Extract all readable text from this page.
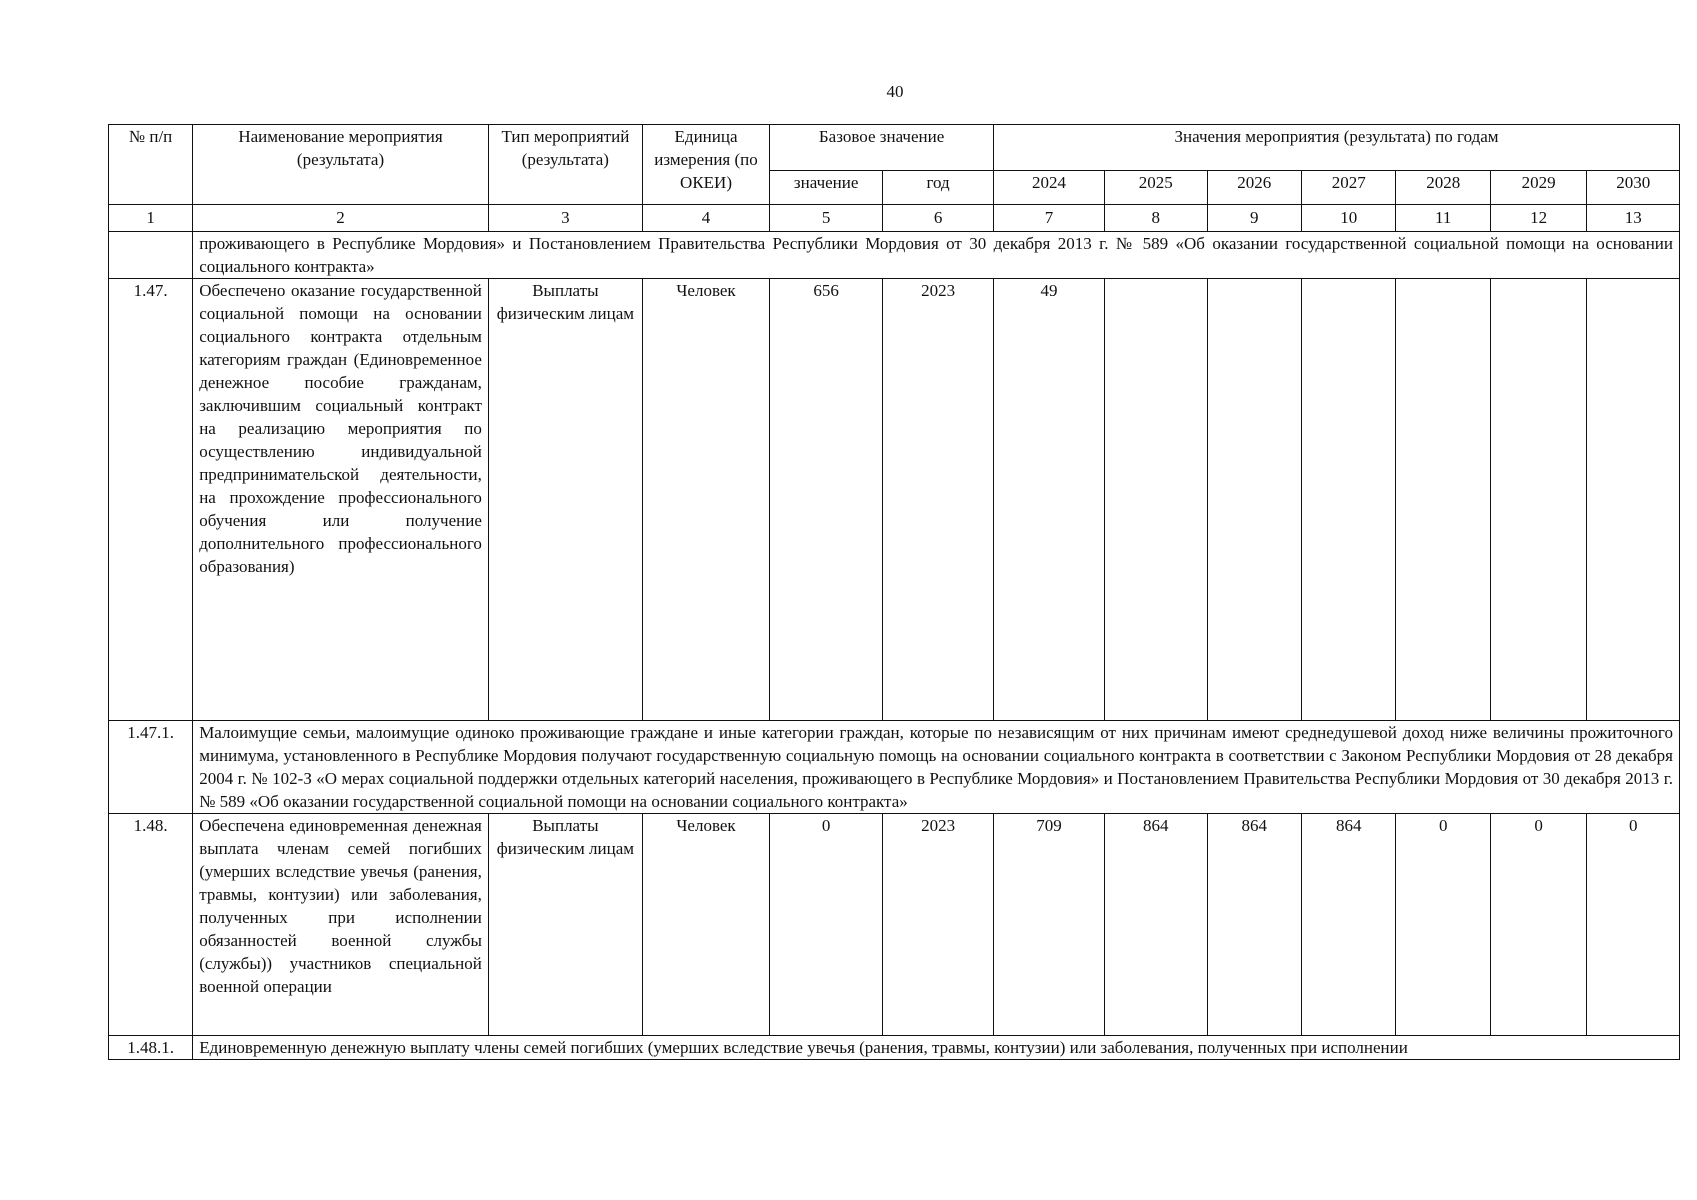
40
№ п/п	Наименование мероприятия (результата)	Тип мероприятий (результата)	Единица измерения (по ОКЕИ)	Базовое значение		Значения мероприятия (результата) по годам						
				значение	год	2024	2025	2026	2027	2028	2029	2030
1	2	3	4	5	6	7	8	9	10	11	12	13
	проживающего в Республике Мордовия» и Постановлением Правительства Республики Мордовия от 30 декабря 2013 г. № 589 «Об оказании государственной социальной помощи на основании социального контракта»											
1.47.	Обеспечено оказание государственной социальной помощи на основании социального контракта отдельным категориям граждан (Единовременное денежное пособие гражданам, заключившим социальный контракт на реализацию мероприятия по осуществлению индивидуальной предпринимательской деятельности, на прохождение профессионального обучения или получение дополнительного профессионального образования)	Выплаты физическим лицам	Человек	656	2023	49						
1.47.1.	Малоимущие семьи, малоимущие одиноко проживающие граждане и иные категории граждан, которые по независящим от них причинам имеют среднедушевой доход ниже величины прожиточного минимума, установленного в Республике Мордовия получают государственную социальную помощь на основании социального контракта в соответствии с Законом Республики Мордовия от 28 декабря 2004 г. № 102-З «О мерах социальной поддержки отдельных категорий населения, проживающего в Республике Мордовия» и Постановлением Правительства Республики Мордовия от 30 декабря 2013 г. № 589 «Об оказании государственной социальной помощи на основании социального контракта»											
1.48.	Обеспечена единовременная денежная выплата членам семей погибших (умерших вследствие увечья (ранения, травмы, контузии) или заболевания, полученных при исполнении обязанностей военной службы (службы)) участников специальной военной операции	Выплаты физическим лицам	Человек	0	2023	709	864	864	864	0	0	0
1.48.1.	Единовременную денежную выплату члены семей погибших (умерших вследствие увечья (ранения, травмы, контузии) или заболевания, полученных при исполнении											
